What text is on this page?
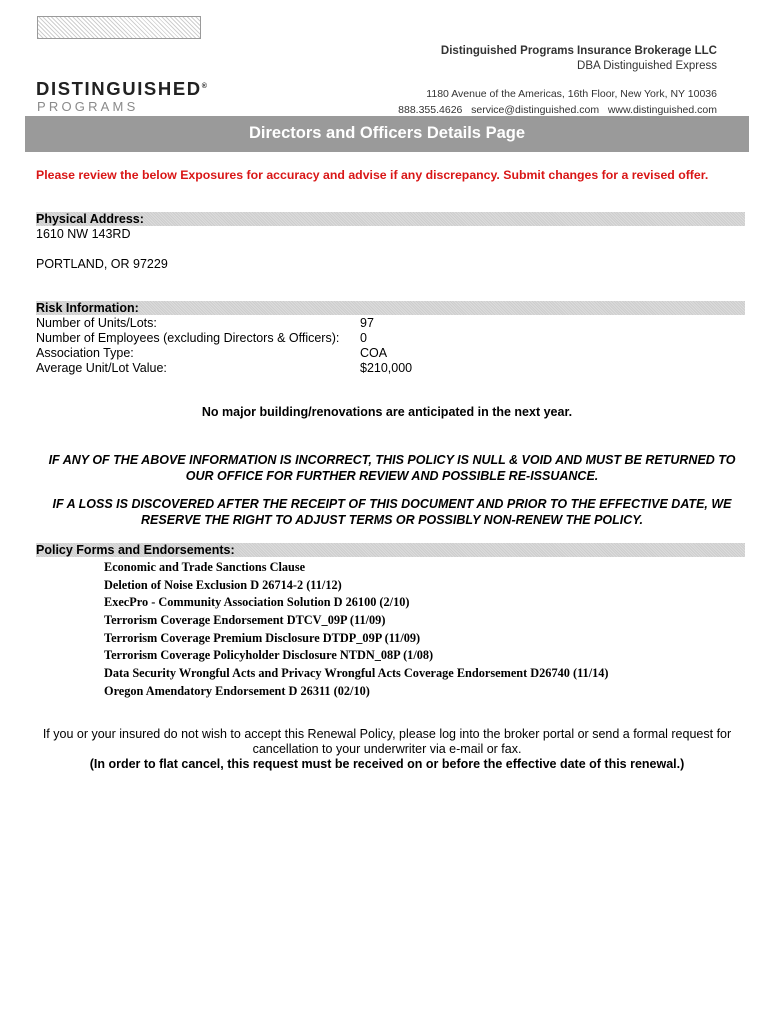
Distinguished Programs Insurance Brokerage LLC
DBA Distinguished Express
1180 Avenue of the Americas, 16th Floor, New York, NY 10036
888.355.4626   service@distinguished.com   www.distinguished.com
DISTINGUISHED®
PROGRAMS
Directors and Officers Details Page
Please review the below Exposures for accuracy and advise if any discrepancy. Submit changes for a revised offer.
Physical Address:
1610 NW 143RD
PORTLAND, OR 97229
Risk Information:
Number of Units/Lots:	97
Number of Employees (excluding Directors & Officers): 0
Association Type:	COA
Average Unit/Lot Value:	$210,000
No major building/renovations are anticipated in the next year.
IF ANY OF THE ABOVE INFORMATION IS INCORRECT, THIS POLICY IS NULL & VOID AND MUST BE RETURNED TO
OUR OFFICE FOR FURTHER REVIEW AND POSSIBLE RE-ISSUANCE.
IF A LOSS IS DISCOVERED AFTER THE RECEIPT OF THIS DOCUMENT AND PRIOR TO THE EFFECTIVE DATE, WE
RESERVE THE RIGHT TO ADJUST TERMS OR POSSIBLY NON-RENEW THE POLICY.
Policy Forms and Endorsements:
Economic and Trade Sanctions Clause
Deletion of Noise Exclusion D 26714-2 (11/12)
ExecPro - Community Association Solution D 26100 (2/10)
Terrorism Coverage Endorsement DTCV_09P (11/09)
Terrorism Coverage Premium Disclosure DTDP_09P (11/09)
Terrorism Coverage Policyholder Disclosure NTDN_08P (1/08)
Data Security Wrongful Acts and Privacy Wrongful Acts Coverage Endorsement D26740 (11/14)
Oregon Amendatory Endorsement D 26311 (02/10)
If you or your insured do not wish to accept this Renewal Policy, please log into the broker portal or send a formal request for
cancellation to your underwriter via e-mail or fax.
(In order to flat cancel, this request must be received on or before the effective date of this renewal.)
